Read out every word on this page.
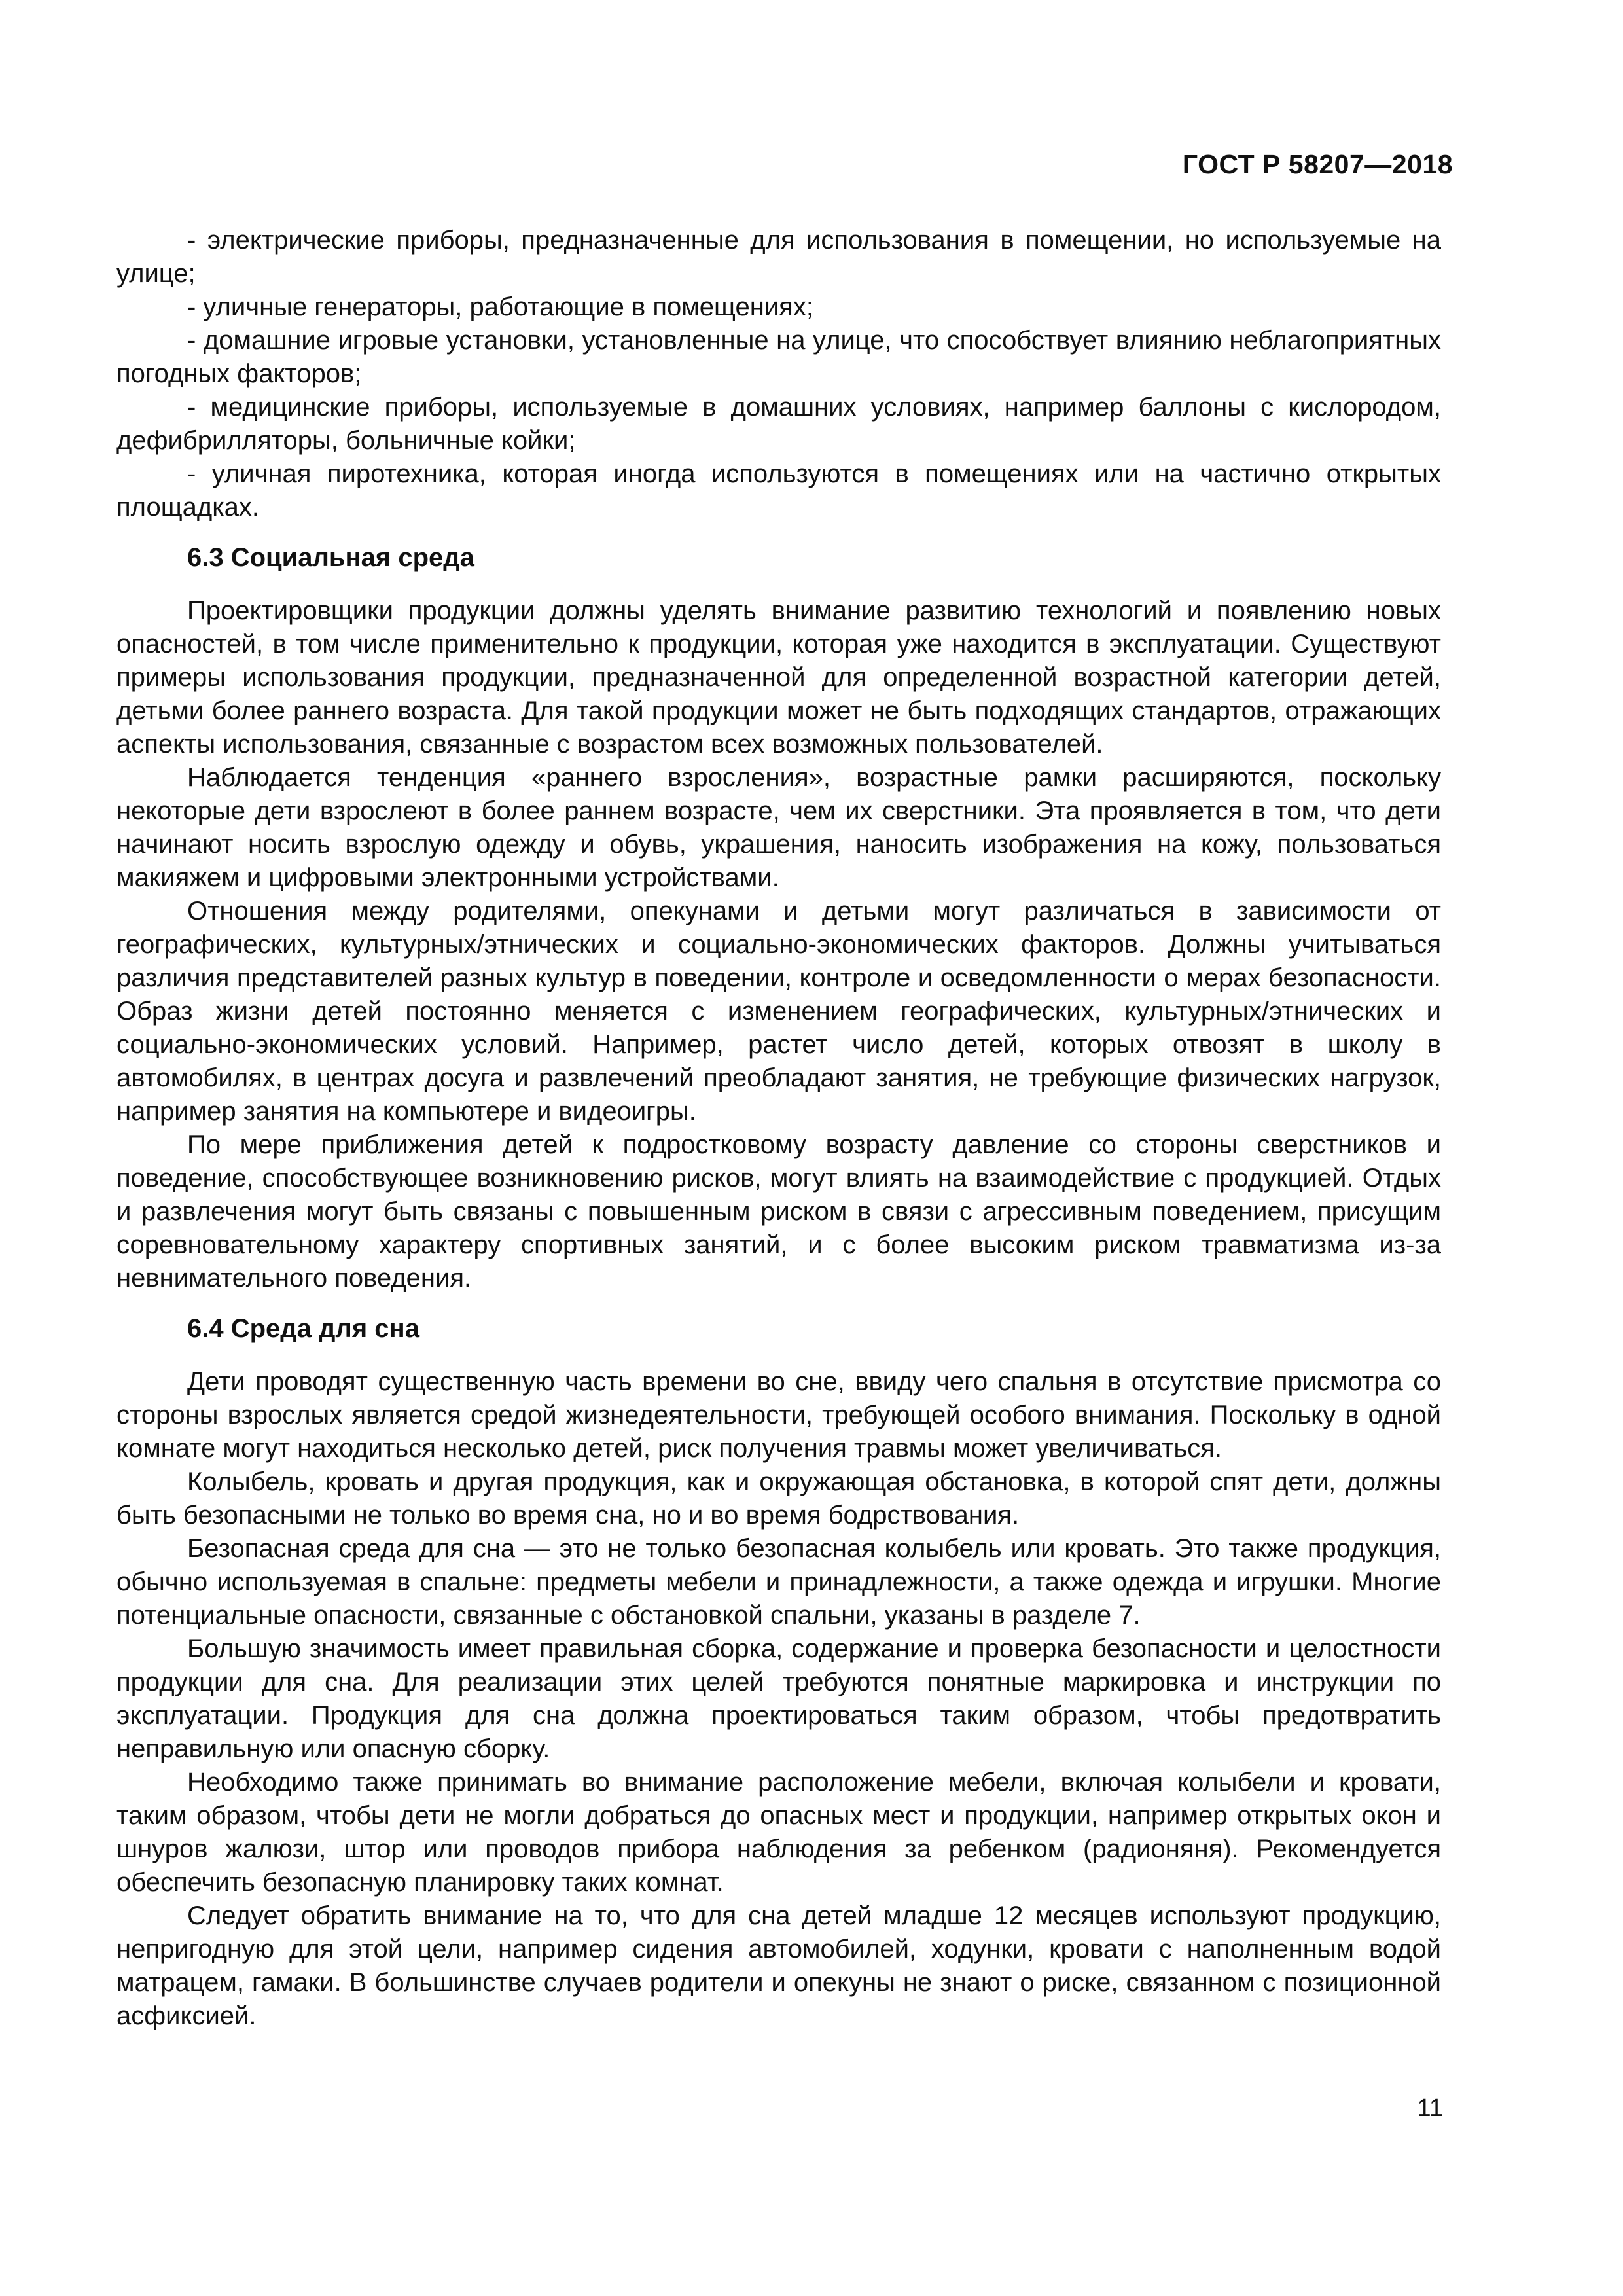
ГОСТ Р 58207—2018

- электрические приборы, предназначенные для использования в помещении, но используемые на улице;

- уличные генераторы, работающие в помещениях;

- домашние игровые установки, установленные на улице, что способствует влиянию неблагоприятных погодных факторов;

- медицинские приборы, используемые в домашних условиях, например баллоны с кислородом, дефибрилляторы, больничные койки;

- уличная пиротехника, которая иногда используются в помещениях или на частично открытых площадках.

6.3 Социальная среда

Проектировщики продукции должны уделять внимание развитию технологий и появлению новых опасностей, в том числе применительно к продукции, которая уже находится в эксплуатации. Существуют примеры использования продукции, предназначенной для определенной возрастной категории детей, детьми более раннего возраста. Для такой продукции может не быть подходящих стандартов, отражающих аспекты использования, связанные с возрастом всех возможных пользователей.

Наблюдается тенденция «раннего взросления», возрастные рамки расширяются, поскольку некоторые дети взрослеют в более раннем возрасте, чем их сверстники. Эта проявляется в том, что дети начинают носить взрослую одежду и обувь, украшения, наносить изображения на кожу, пользоваться макияжем и цифровыми электронными устройствами.

Отношения между родителями, опекунами и детьми могут различаться в зависимости от географических, культурных/этнических и социально-экономических факторов. Должны учитываться различия представителей разных культур в поведении, контроле и осведомленности о мерах безопасности. Образ жизни детей постоянно меняется с изменением географических, культурных/этнических и социально-экономических условий. Например, растет число детей, которых отвозят в школу в автомобилях, в центрах досуга и развлечений преобладают занятия, не требующие физических нагрузок, например занятия на компьютере и видеоигры.

По мере приближения детей к подростковому возрасту давление со стороны сверстников и поведение, способствующее возникновению рисков, могут влиять на взаимодействие с продукцией. Отдых и развлечения могут быть связаны с повышенным риском в связи с агрессивным поведением, присущим соревновательному характеру спортивных занятий, и с более высоким риском травматизма из-за невнимательного поведения.

6.4 Среда для сна

Дети проводят существенную часть времени во сне, ввиду чего спальня в отсутствие присмотра со стороны взрослых является средой жизнедеятельности, требующей особого внимания. Поскольку в одной комнате могут находиться несколько детей, риск получения травмы может увеличиваться.

Колыбель, кровать и другая продукция, как и окружающая обстановка, в которой спят дети, должны быть безопасными не только во время сна, но и во время бодрствования.

Безопасная среда для сна — это не только безопасная колыбель или кровать. Это также продукция, обычно используемая в спальне: предметы мебели и принадлежности, а также одежда и игрушки. Многие потенциальные опасности, связанные с обстановкой спальни, указаны в разделе 7.

Большую значимость имеет правильная сборка, содержание и проверка безопасности и целостности продукции для сна. Для реализации этих целей требуются понятные маркировка и инструкции по эксплуатации. Продукция для сна должна проектироваться таким образом, чтобы предотвратить неправильную или опасную сборку.

Необходимо также принимать во внимание расположение мебели, включая колыбели и кровати, таким образом, чтобы дети не могли добраться до опасных мест и продукции, например открытых окон и шнуров жалюзи, штор или проводов прибора наблюдения за ребенком (радионяня). Рекомендуется обеспечить безопасную планировку таких комнат.

Следует обратить внимание на то, что для сна детей младше 12 месяцев используют продукцию, непригодную для этой цели, например сидения автомобилей, ходунки, кровати с наполненным водой матрацем, гамаки. В большинстве случаев родители и опекуны не знают о риске, связанном с позиционной асфиксией.

11
